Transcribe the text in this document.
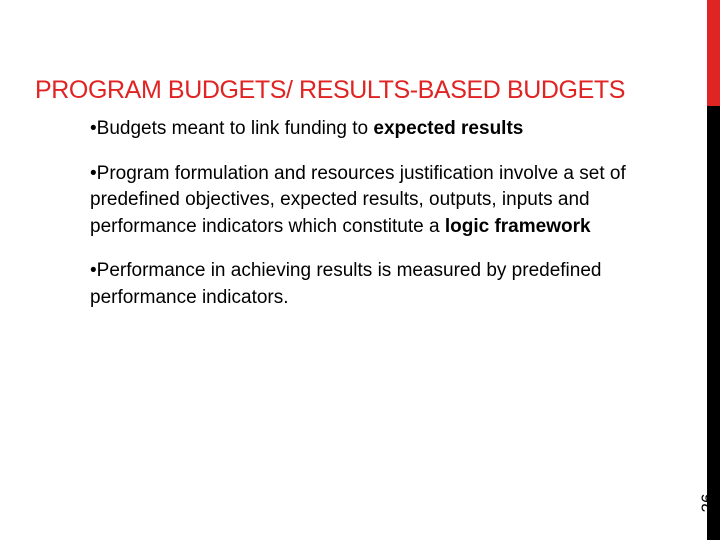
PROGRAM BUDGETS/ RESULTS-BASED BUDGETS

•Budgets meant to link funding to expected results

•Program formulation and resources justification involve a set of predefined objectives, expected results, outputs, inputs and performance indicators which constitute a logic framework

•Performance in achieving results is measured by predefined performance indicators.

26
